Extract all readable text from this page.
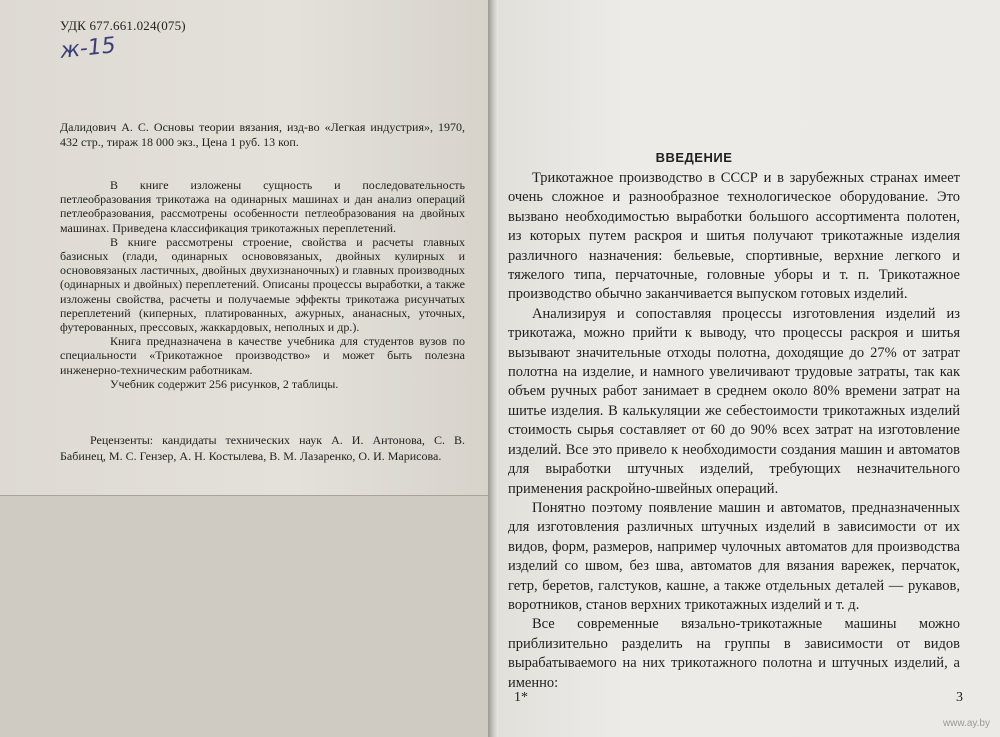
УДК 677.661.024(075)
ж-15
Далидович А. С. Основы теории вязания, изд-во «Легкая индустрия», 1970, 432 стр., тираж 18 000 экз., Цена 1 руб. 13 коп.

В книге изложены сущность и последовательность петлеобразования трикотажа на одинарных машинах и дан анализ операций петлеобразования, рассмотрены особенности петлеобразования на двойных машинах. Приведена классификация трикотажных переплетений.

В книге рассмотрены строение, свойства и расчеты главных базисных (глади, одинарных основовязаных, двойных кулирных и основовязаных ластичных, двойных двухизнаночных) и главных производных (одинарных и двойных) переплетений. Описаны процессы выработки, а также изложены свойства, расчеты и получаемые эффекты трикотажа рисунчатых переплетений (киперных, платированных, ажурных, ананасных, уточных, футерованных, прессовых, жаккардовых, неполных и др.).

Книга предназначена в качестве учебника для студентов вузов по специальности «Трикотажное производство» и может быть полезна инженерно-техническим работникам.

Учебник содержит 256 рисунков, 2 таблицы.

Рецензенты: кандидаты технических наук А. И. Антонова, С. В. Бабинец, М. С. Гензер, А. Н. Костылева, В. М. Лазаренко, О. И. Марисова.
ВВЕДЕНИЕ

Трикотажное производство в СССР и в зарубежных странах имеет очень сложное и разнообразное технологическое оборудование. Это вызвано необходимостью выработки большого ассортимента полотен, из которых путем раскроя и шитья получают трикотажные изделия различного назначения: бельевые, спортивные, верхние легкого и тяжелого типа, перчаточные, головные уборы и т. п. Трикотажное производство обычно заканчивается выпуском готовых изделий.

Анализируя и сопоставляя процессы изготовления изделий из трикотажа, можно прийти к выводу, что процессы раскроя и шитья вызывают значительные отходы полотна, доходящие до 27% от затрат полотна на изделие, и намного увеличивают трудовые затраты, так как объем ручных работ занимает в среднем около 80% времени затрат на шитье изделия. В калькуляции же себестоимости трикотажных изделий стоимость сырья составляет от 60 до 90% всех затрат на изготовление изделий. Все это привело к необходимости создания машин и автоматов для выработки штучных изделий, требующих незначительного применения раскройно-швейных операций.

Понятно поэтому появление машин и автоматов, предназначенных для изготовления различных штучных изделий в зависимости от их видов, форм, размеров, например чулочных автоматов для производства изделий со швом, без шва, автоматов для вязания варежек, перчаток, гетр, беретов, галстуков, кашне, а также отдельных деталей — рукавов, воротников, станов верхних трикотажных изделий и т. д.

Все современные вязально-трикотажные машины можно приблизительно разделить на группы в зависимости от видов вырабатываемого на них трикотажного полотна и штучных изделий, а именно:

1*	3
www.ay.by
